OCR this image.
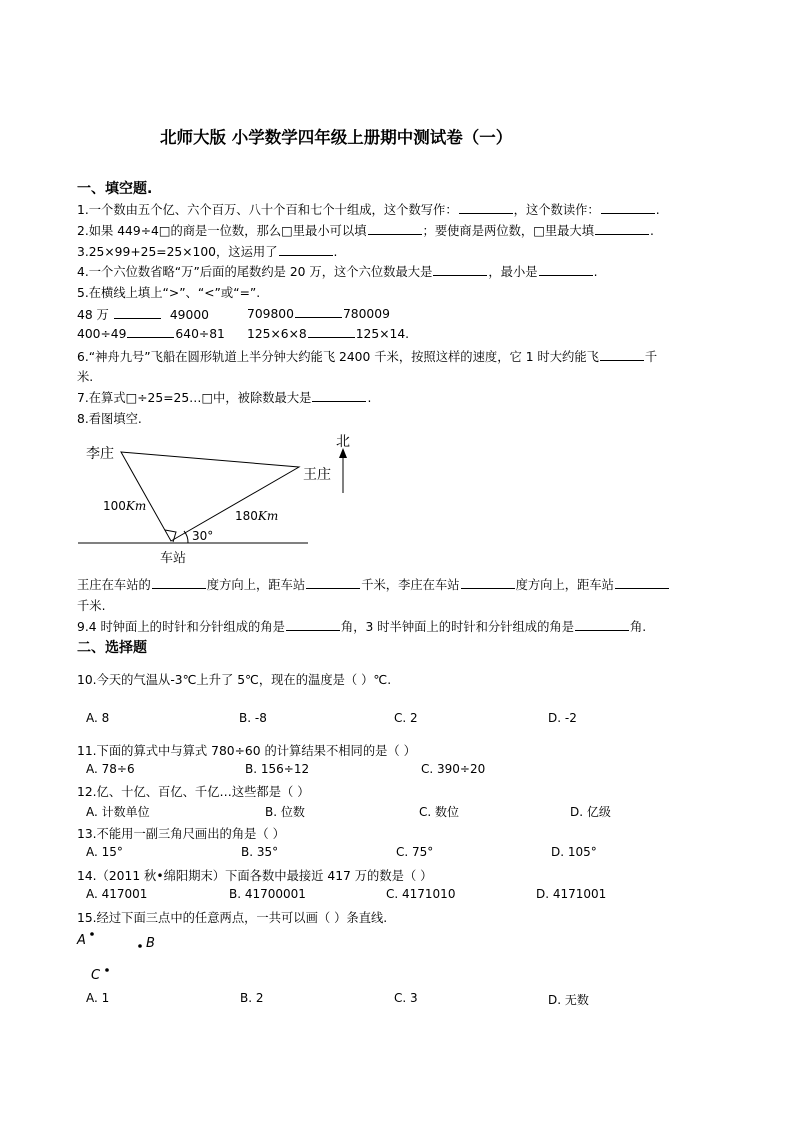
北师大版 小学数学四年级上册期中测试卷（一）
一、填空题.
1.一个数由五个亿、六个百万、八十个百和七个十组成，这个数写作：	，这个数读作：	.
2.如果 449÷4□的商是一位数，那么□里最小可以填	；要使商是两位数，□里最大填	.
3.25×99+25=25×100，这运用了	.
4.一个六位数省略“万”后面的尾数约是 20 万，这个六位数最大是	，最小是	.
5.在横线上填上“>”、“<”或“=”.
48 万	49000	709800	780009
400÷49	640÷81 125×6×8	125×14.
6.“神舟九号”飞船在圆形轨道上半分钟大约能飞 2400 千米，按照这样的速度，它 1 时大约能飞	千
米.
7.在算式□÷25=25…□中，被除数最大是	.
8.看图填空.
北
李庄
王庄
车站
100Km
180Km
30°
王庄在车站的	度方向上，距车站	千米，李庄在车站	度方向上，距车站
千米.
9.4 时钟面上的时针和分针组成的角是	角，3 时半钟面上的时针和分针组成的角是	角.
二、选择题
10.今天的气温从-3℃上升了 5℃，现在的温度是（ ）℃.
A. 8	B. -8	C. 2	D. -2
11.下面的算式中与算式 780÷60 的计算结果不相同的是（ ）
A. 78÷6	B. 156÷12	C. 390÷20
12.亿、十亿、百亿、千亿…这些都是（ ）
A. 计数单位	B. 位数	C. 数位	D. 亿级
13.不能用一副三角尺画出的角是（ ）
A. 15°	B. 35°	C. 75°	D. 105°
14.（2011 秋•绵阳期末）下面各数中最接近 417 万的数是（ ）
A. 417001	B. 41700001	C. 4171010	D. 4171001
15.经过下面三点中的任意两点，一共可以画（ ）条直线.
A	B
C
A. 1	B. 2	C. 3	D. 无数
